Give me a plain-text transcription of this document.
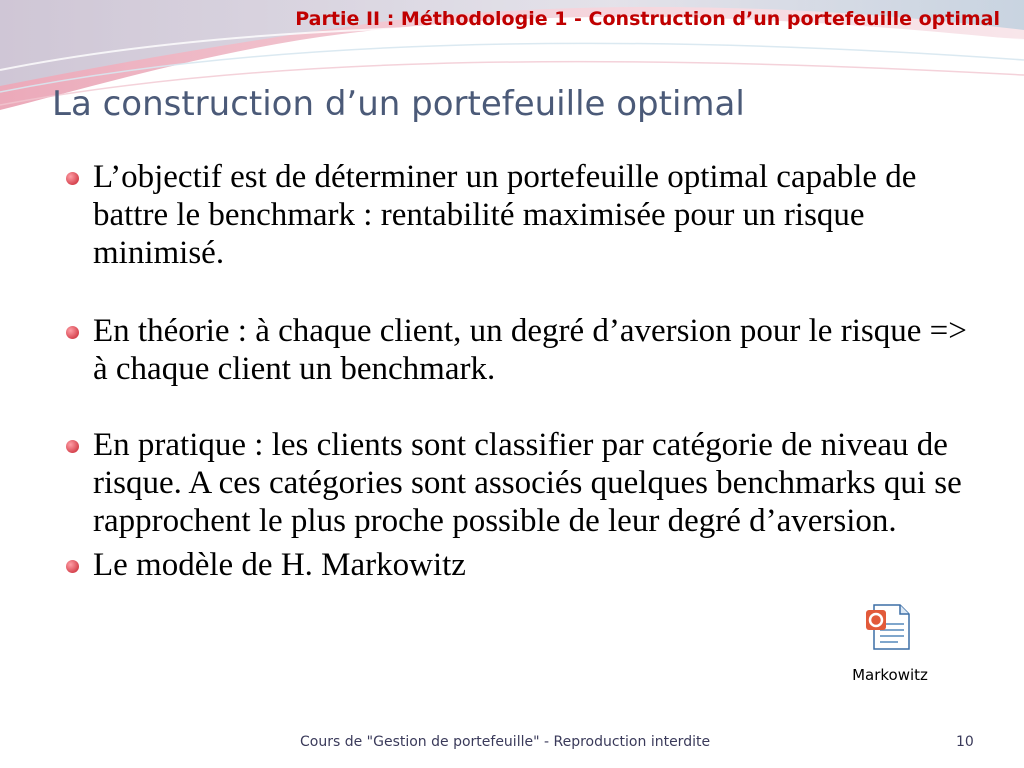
Partie II : Méthodologie 1 - Construction d’un portefeuille optimal
La construction d’un portefeuille optimal
L’objectif est de déterminer un portefeuille optimal capable de battre le benchmark : rentabilité maximisée pour un risque minimisé.
En théorie : à chaque client, un degré d’aversion pour le risque => à chaque client un benchmark.
En pratique : les clients sont classifier par catégorie de niveau de risque. A ces catégories sont associés quelques benchmarks qui se rapprochent le plus proche possible de leur degré d’aversion.
Le modèle de H. Markowitz
Markowitz
Cours de "Gestion de portefeuille" - Reproduction interdite	10
